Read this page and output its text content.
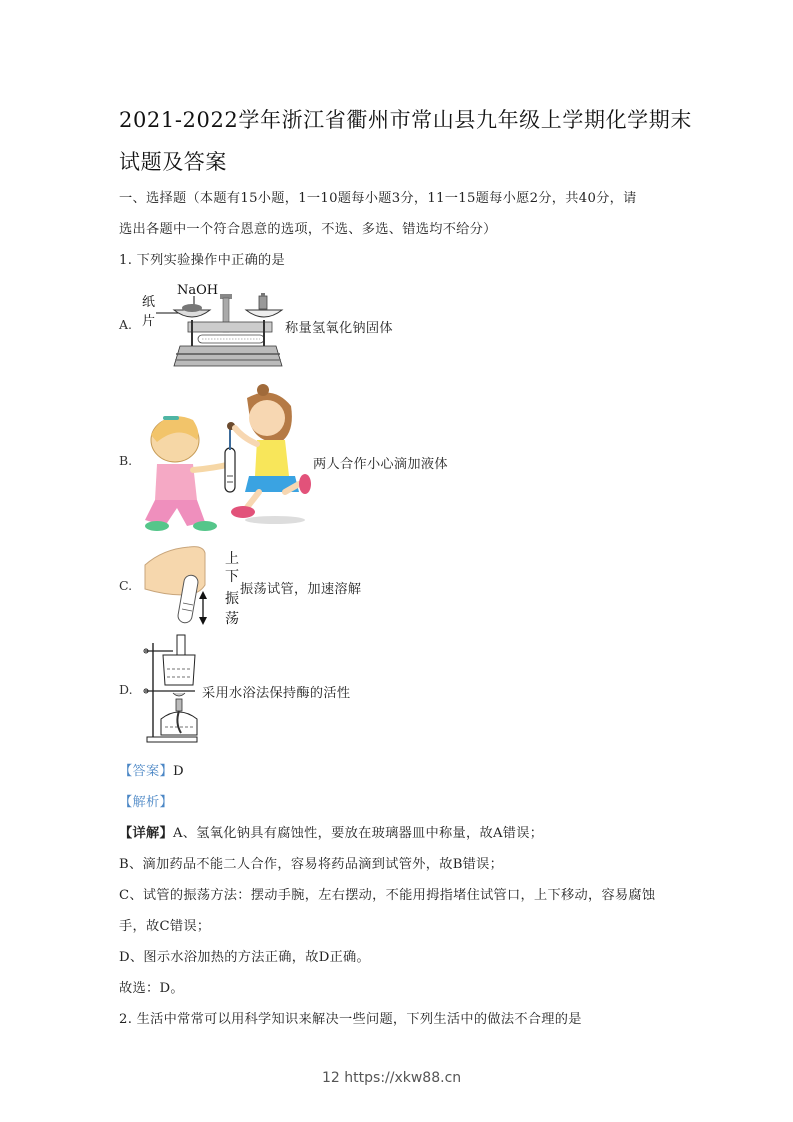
2021-2022学年浙江省衢州市常山县九年级上学期化学期末
试题及答案
一、选择题（本题有15小题，1一10题每小题3分，11一15题每小愿2分，共40分，请
选出各题中一个符合恩意的选项，不选、多选、错选均不给分）
1. 下列实验操作中正确的是
A.
NaOH
纸
片	称量氢氧化钠固体
B.	两人合作小心滴加液体
C.
上
下
振
荡
振荡试管，加速溶解
D.	采用水浴法保持酶的活性
【答案】D
【解析】
【详解】A、氢氧化钠具有腐蚀性，要放在玻璃器皿中称量，故A错误；
B、滴加药品不能二人合作，容易将药品滴到试管外，故B错误；
C、试管的振荡方法：摆动手腕，左右摆动，不能用拇指堵住试管口，上下移动，容易腐蚀
手，故C错误；
D、图示水浴加热的方法正确，故D正确。
故选：D。
2. 生活中常常可以用科学知识来解决一些问题，下列生活中的做法不合理的是
12 https://xkw88.cn
